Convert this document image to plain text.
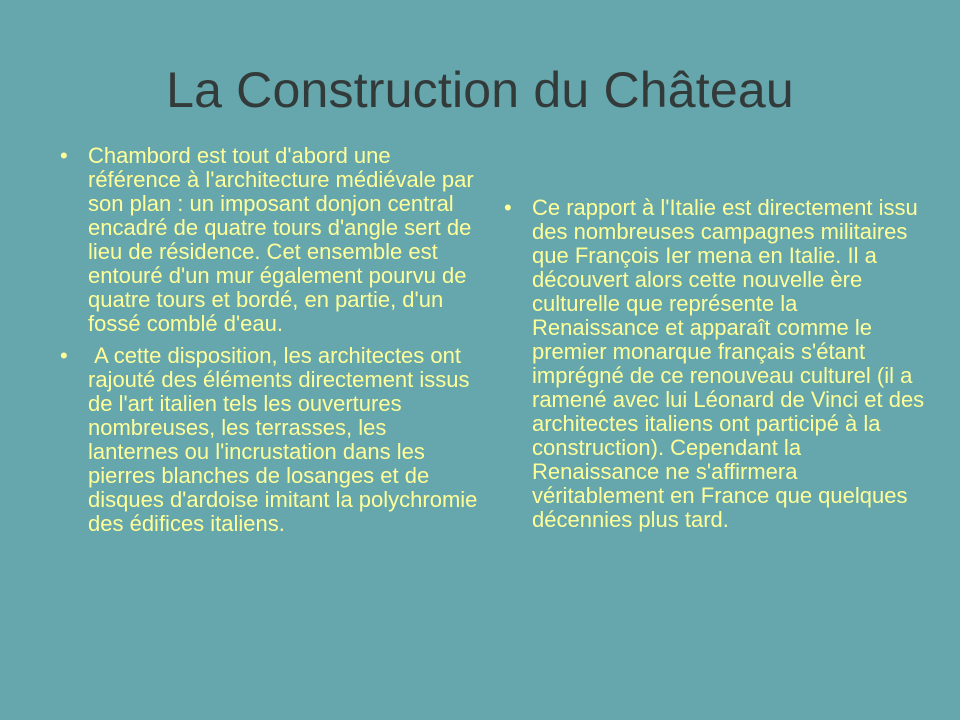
La Construction du Château
• Chambord est tout d'abord une référence à l'architecture médiévale par son plan : un imposant donjon central encadré de quatre tours d'angle sert de lieu de résidence. Cet ensemble est entouré d'un mur également pourvu de quatre tours et bordé, en partie, d'un fossé comblé d'eau.
• A cette disposition, les architectes ont rajouté des éléments directement issus de l'art italien tels les ouvertures nombreuses, les terrasses, les lanternes ou l'incrustation dans les pierres blanches de losanges et de disques d'ardoise imitant la polychromie des édifices italiens.
• Ce rapport à l'Italie est directement issu des nombreuses campagnes militaires que François Ier mena en Italie. Il a découvert alors cette nouvelle ère culturelle que représente la Renaissance et apparaît comme le premier monarque français s'étant imprégné de ce renouveau culturel (il a ramené avec lui Léonard de Vinci et des architectes italiens ont participé à la construction). Cependant la Renaissance ne s'affirmera véritablement en France que quelques décennies plus tard.
